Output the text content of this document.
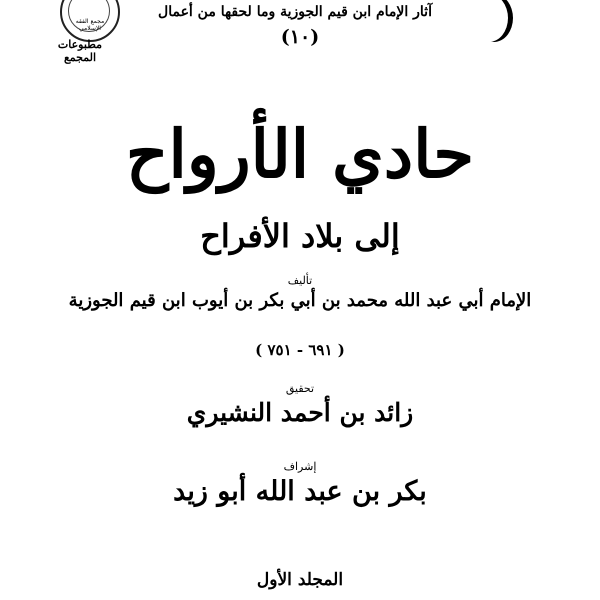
مجمع الفقه الإسلامي
مطبوعات المجمع
آثار الإمام ابن قيم الجوزية وما لحقها من أعمال
(١٠)
حادي الأرواح
إلى بلاد الأفراح
تأليف
الإمام أبي عبد الله محمد بن أبي بكر بن أيوب ابن قيم الجوزية
( ٦٩١ - ٧٥١ )
تحقيق
زائد بن أحمد النشيري
إشراف
بكر بن عبد الله أبو زيد
المجلد الأول
